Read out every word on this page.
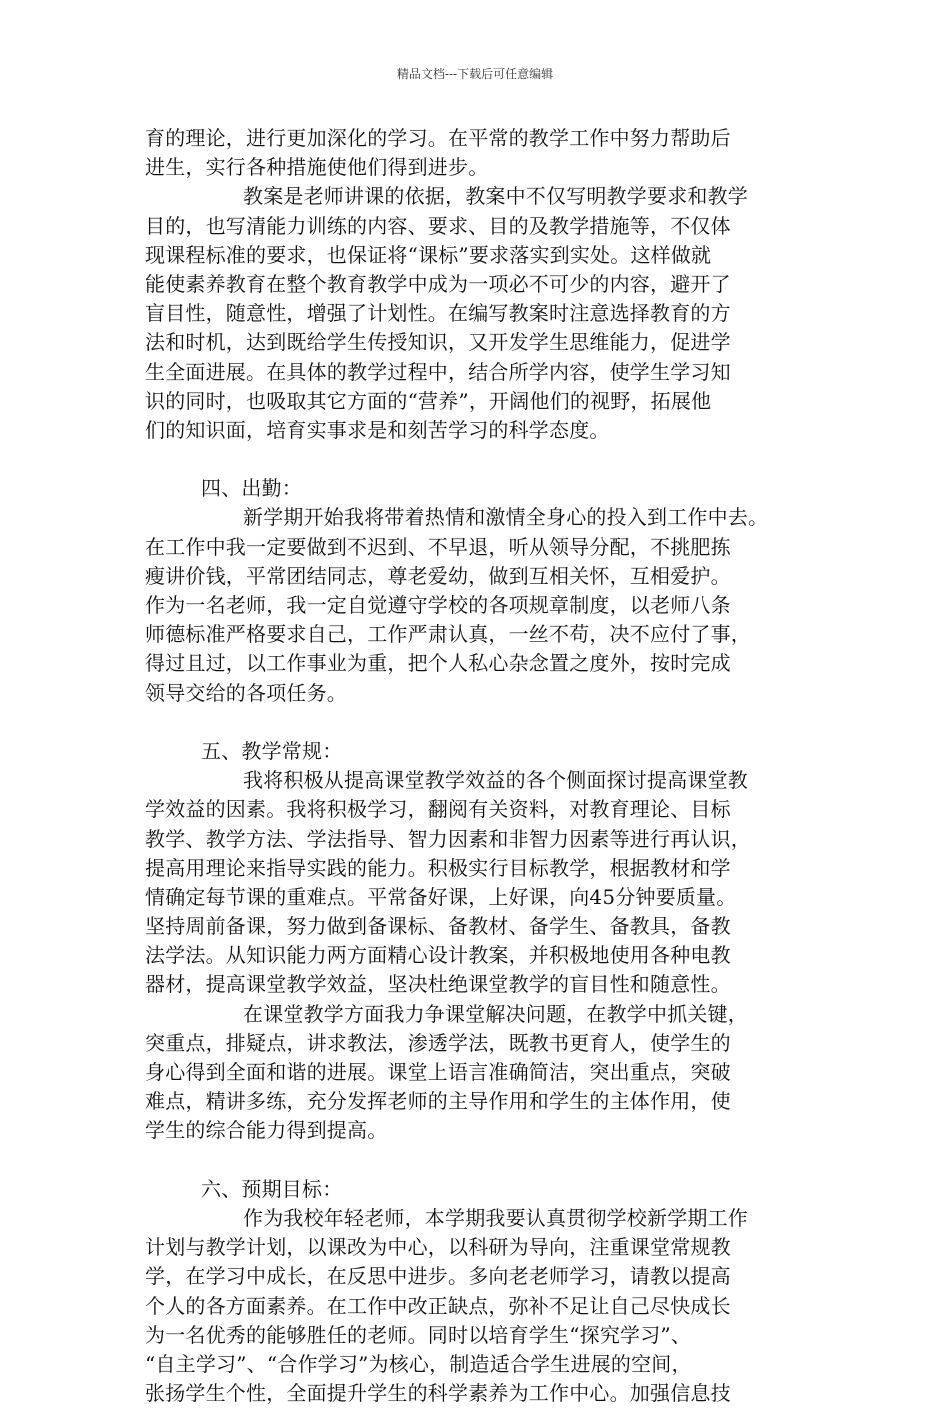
精品文档---下载后可任意编辑
育的理论，进行更加深化的学习。在平常的教学工作中努力帮助后
进生，实行各种措施使他们得到进步。
教案是老师讲课的依据，教案中不仅写明教学要求和教学
目的，也写清能力训练的内容、要求、目的及教学措施等，不仅体
现课程标准的要求，也保证将“课标”要求落实到实处。这样做就
能使素养教育在整个教育教学中成为一项必不可少的内容，避开了
盲目性，随意性，增强了计划性。在编写教案时注意选择教育的方
法和时机，达到既给学生传授知识，又开发学生思维能力，促进学
生全面进展。在具体的教学过程中，结合所学内容，使学生学习知
识的同时，也吸取其它方面的“营养”，开阔他们的视野，拓展他
们的知识面，培育实事求是和刻苦学习的科学态度。
四、出勤：
新学期开始我将带着热情和激情全身心的投入到工作中去。
在工作中我一定要做到不迟到、不早退，听从领导分配，不挑肥拣
瘦讲价钱，平常团结同志，尊老爱幼，做到互相关怀，互相爱护。
作为一名老师，我一定自觉遵守学校的各项规章制度，以老师八条
师德标准严格要求自己，工作严肃认真，一丝不苟，决不应付了事，
得过且过，以工作事业为重，把个人私心杂念置之度外，按时完成
领导交给的各项任务。
五、教学常规：
我将积极从提高课堂教学效益的各个侧面探讨提高课堂教
学效益的因素。我将积极学习，翻阅有关资料，对教育理论、目标
教学、教学方法、学法指导、智力因素和非智力因素等进行再认识，
提高用理论来指导实践的能力。积极实行目标教学，根据教材和学
情确定每节课的重难点。平常备好课，上好课，向45分钟要质量。
坚持周前备课，努力做到备课标、备教材、备学生、备教具，备教
法学法。从知识能力两方面精心设计教案，并积极地使用各种电教
器材，提高课堂教学效益，坚决杜绝课堂教学的盲目性和随意性。
在课堂教学方面我力争课堂解决问题，在教学中抓关键，
突重点，排疑点，讲求教法，渗透学法，既教书更育人，使学生的
身心得到全面和谐的进展。课堂上语言准确简洁，突出重点，突破
难点，精讲多练，充分发挥老师的主导作用和学生的主体作用，使
学生的综合能力得到提高。
六、预期目标：
作为我校年轻老师，本学期我要认真贯彻学校新学期工作
计划与教学计划，以课改为中心，以科研为导向，注重课堂常规教
学，在学习中成长，在反思中进步。多向老老师学习，请教以提高
个人的各方面素养。在工作中改正缺点，弥补不足让自己尽快成长
为一名优秀的能够胜任的老师。同时以培育学生“探究学习”、
“自主学习”、“合作学习”为核心，制造适合学生进展的空间，
张扬学生个性，全面提升学生的科学素养为工作中心。加强信息技
